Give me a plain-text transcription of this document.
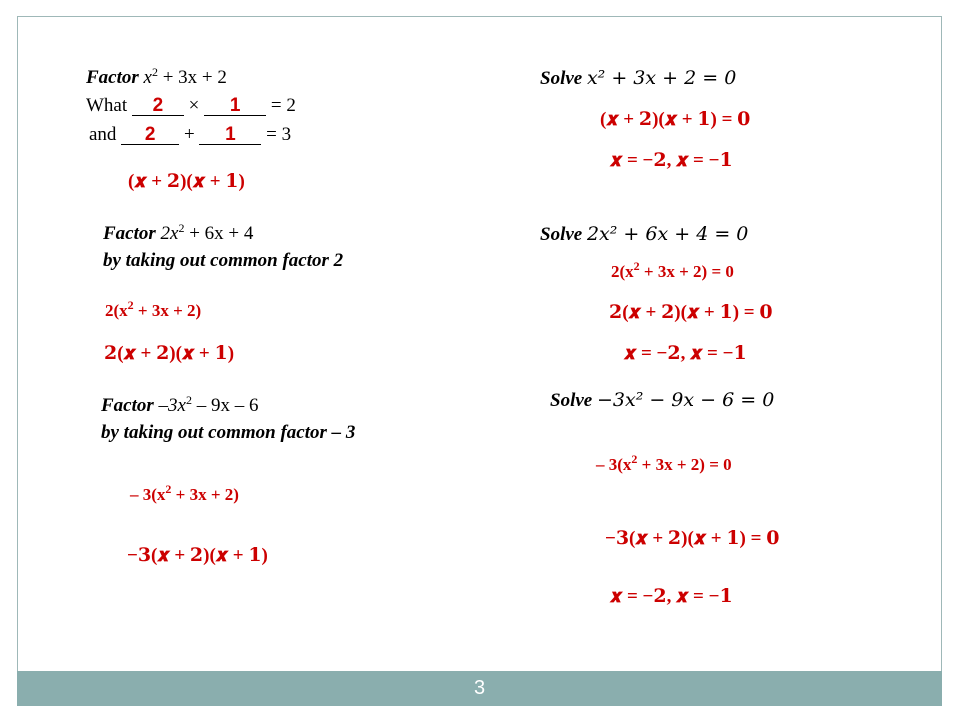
3
Factor $x^2 + 3x + 2$
What 2 × 1 = 2
and 2 + 1 = 3
(𝒙 + 𝟐)(𝒙 + 𝟏)
Factor $2x^2 + 6x + 4$
by taking out common factor 2
$2(x^2 + 3x + 2)$
𝟐(𝒙 + 𝟐)(𝒙 + 𝟏)
Factor $-3x^2 - 9x - 6$
by taking out common factor – 3
– $3(x^2 + 3x + 2)$
−𝟑(𝒙 + 𝟐)(𝒙 + 𝟏)
Solve 𝑥² + 3𝑥 + 2 = 0
(𝒙 + 𝟐)(𝒙 + 𝟏) = 𝟎
𝒙 = −𝟐, 𝒙 = −𝟏
Solve 2𝑥² + 6𝑥 + 4 = 0
$2(x^2 + 3x + 2) = 0$
𝟐(𝒙 + 𝟐)(𝒙 + 𝟏) = 𝟎
𝒙 = −𝟐, 𝒙 = −𝟏
Solve −3𝑥² − 9𝑥 − 6 = 0
– $3(x^2 + 3x + 2) = 0$
−𝟑(𝒙 + 𝟐)(𝒙 + 𝟏) = 𝟎
𝒙 = −𝟐, 𝒙 = −𝟏
